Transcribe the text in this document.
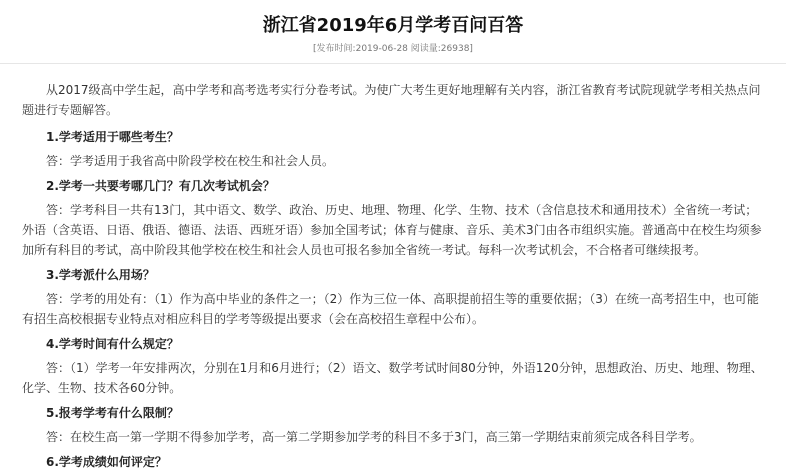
浙江省2019年6月学考百问百答
[发布时间:2019-06-28 阅读量:26938]

从2017级高中学生起，高中学考和高考选考实行分卷考试。为使广大考生更好地理解有关内容，浙江省教育考试院现就学考相关热点问题进行专题解答。

1.学考适用于哪些考生？

答：学考适用于我省高中阶段学校在校生和社会人员。

2.学考一共要考哪几门？有几次考试机会？

答：学考科目一共有13门，其中语文、数学、政治、历史、地理、物理、化学、生物、技术（含信息技术和通用技术）全省统一考试；外语（含英语、日语、俄语、德语、法语、西班牙语）参加全国考试；体育与健康、音乐、美术3门由各市组织实施。普通高中在校生均须参加所有科目的考试，高中阶段其他学校在校生和社会人员也可报名参加全省统一考试。每科一次考试机会，不合格者可继续报考。

3.学考派什么用场？

答：学考的用处有：（1）作为高中毕业的条件之一；（2）作为三位一体、高职提前招生等的重要依据；（3）在统一高考招生中，也可能有招生高校根据专业特点对相应科目的学考等级提出要求（会在高校招生章程中公布）。

4.学考时间有什么规定？

答：（1）学考一年安排两次，分别在1月和6月进行；（2）语文、数学考试时间80分钟，外语120分钟，思想政治、历史、地理、物理、化学、生物、技术各60分钟。

5.报考学考有什么限制？

答：在校生高一第一学期不得参加学考，高一第二学期参加学考的科目不多于3门，高三第一学期结束前须完成各科目学考。

6.学考成绩如何评定？
